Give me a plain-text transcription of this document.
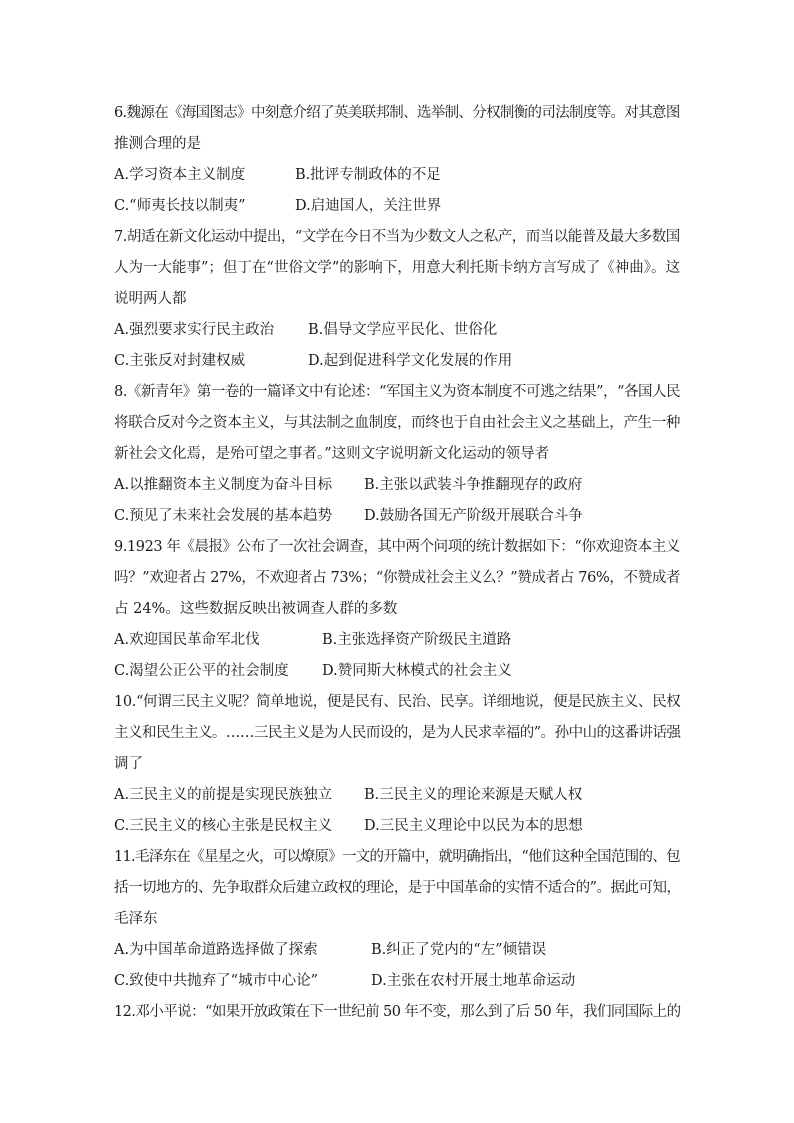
6.魏源在《海国图志》中刻意介绍了英美联邦制、选举制、分权制衡的司法制度等。对其意图
推测合理的是
A.学习资本主义制度	B.批评专制政体的不足
C.“师夷长技以制夷”	D.启迪国人，关注世界
7.胡适在新文化运动中提出，“文学在今日不当为少数文人之私产，而当以能普及最大多数国
人为一大能事”；但丁在“世俗文学”的影响下，用意大利托斯卡纳方言写成了《神曲》。这
说明两人都
A.强烈要求实行民主政治 B.倡导文学应平民化、世俗化
C.主张反对封建权威	D.起到促进科学文化发展的作用
8.《新青年》第一卷的一篇译文中有论述：“军国主义为资本制度不可逃之结果”，“各国人民
将联合反对今之资本主义，与其法制之血制度，而终也于自由社会主义之基础上，产生一种
新社会文化焉，是殆可望之事者。”这则文字说明新文化运动的领导者
A.以推翻资本主义制度为奋斗目标 B.主张以武装斗争推翻现存的政府
C.预见了未来社会发展的基本趋势 D.鼓励各国无产阶级开展联合斗争
9.1923 年《晨报》公布了一次社会调查，其中两个问项的统计数据如下：“你欢迎资本主义
吗？”欢迎者占 27%，不欢迎者占 73%；“你赞成社会主义么？”赞成者占 76%，不赞成者
占 24%。这些数据反映出被调查人群的多数
A.欢迎国民革命军北伐	B.主张选择资产阶级民主道路
C.渴望公正公平的社会制度 D.赞同斯大林模式的社会主义
10.“何谓三民主义呢？简单地说，便是民有、民治、民享。详细地说，便是民族主义、民权
主义和民生主义。……三民主义是为人民而设的，是为人民求幸福的”。孙中山的这番讲话强
调了
A.三民主义的前提是实现民族独立 B.三民主义的理论来源是天赋人权
C.三民主义的核心主张是民权主义 D.三民主义理论中以民为本的思想
11.毛泽东在《星星之火，可以燎原》一文的开篇中，就明确指出，“他们这种全国范围的、包
括一切地方的、先争取群众后建立政权的理论，是于中国革命的实情不适合的”。据此可知，
毛泽东
A.为中国革命道路选择做了探索	B.纠正了党内的“左”倾错误
C.致使中共抛弃了“城市中心论”	D.主张在农村开展土地革命运动
12.邓小平说：“如果开放政策在下一世纪前 50 年不变，那么到了后 50 年，我们同国际上的
